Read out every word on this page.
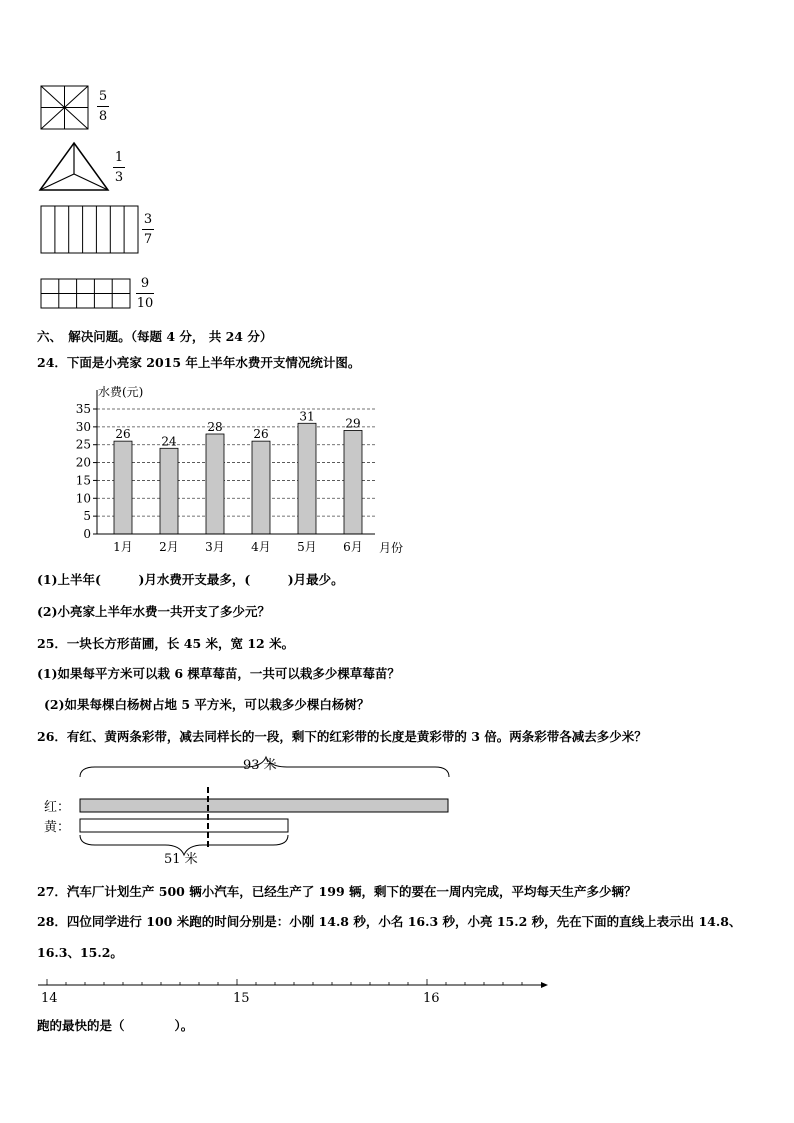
5
8
1
3
3
7
9
10
六、　解决问题。（每题 4 分， 共 24 分）
24．下面是小亮家 2015 年上半年水费开支情况统计图。
水费(元)
0
5
10
15
20
25
30
35
26
1月
24
2月
28
3月
26
4月
31
5月
29
6月 月份
(1)上半年(　　　)月水费开支最多，(　　　)月最少。
(2)小亮家上半年水费一共开支了多少元？
25．一块长方形苗圃，长 45 米，宽 12 米。
(1)如果每平方米可以栽 6 棵草莓苗，一共可以栽多少棵草莓苗？
(2)如果每棵白杨树占地 5 平方米，可以栽多少棵白杨树？
26．有红、黄两条彩带，减去同样长的一段，剩下的红彩带的长度是黄彩带的 3 倍。两条彩带各减去多少米？
93 米
红：
黄：
51 米
27．汽车厂计划生产 500 辆小汽车，已经生产了 199 辆，剩下的要在一周内完成，平均每天生产多少辆？
28．四位同学进行 100 米跑的时间分别是：小刚 14.8 秒，小名 16.3 秒，小亮 15.2 秒，先在下面的直线上表示出 14.8、
16.3、15.2。
14	15	16
跑的最快的是（　　　　）。
